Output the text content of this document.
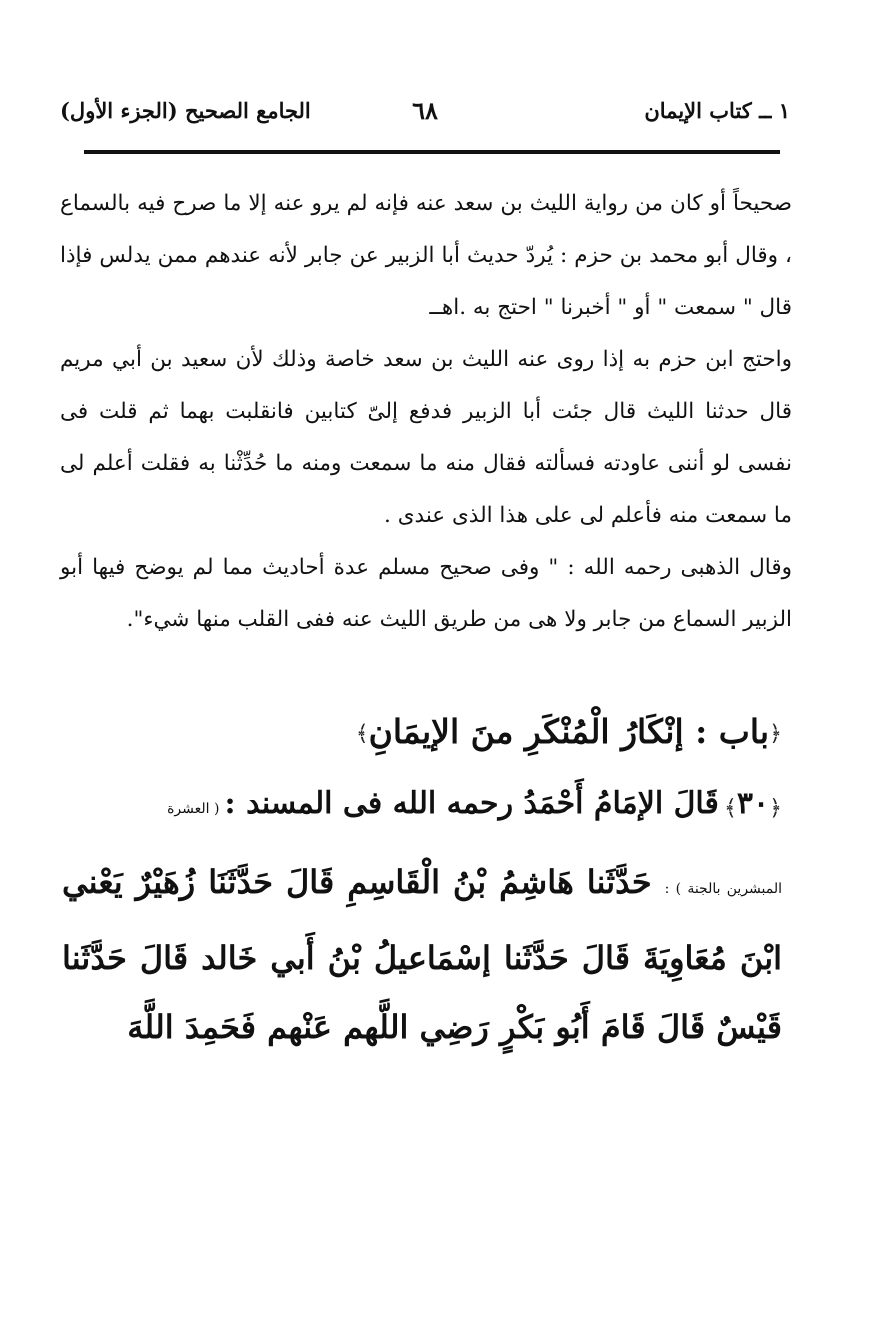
١ ــ كتاب الإيمان
٦٨
الجامع الصحيح (الجزء الأول)

صحيحاً أو كان من رواية الليث بن سعد عنه فإنه لم يرو عنه إلا ما صرح فيه بالسماع ، وقال أبو محمد بن حزم : يُردّ حديث أبا الزبير عن جابر لأنه عندهم ممن يدلس فإذا قال " سمعت " أو " أخبرنا " احتج به .اهــ

واحتج ابن حزم به إذا روى عنه الليث بن سعد خاصة وذلك لأن سعيد بن أبي مريم قال حدثنا الليث قال جئت أبا الزبير فدفع إلىّ كتابين فانقلبت بهما ثم قلت فى نفسى لو أننى عاودته فسألته فقال منه ما سمعت ومنه ما حُدِّثْنا به فقلت أعلم لى ما سمعت منه فأعلم لى على هذا الذى عندى .

وقال الذهبى رحمه الله : " وفى صحيح مسلم عدة أحاديث مما لم يوضح فيها أبو الزبير السماع من جابر ولا هى من طريق الليث عنه ففى القلب منها شيء".

﴿باب : إنْكَارُ الْمُنْكَرِ منَ الإيمَانِ﴾
﴿٣٠﴾ قَالَ الإمَامُ أَحْمَدُ رحمه الله فى المسند : ( العشرة
المبشرين بالجنة ) : حَدَّثَنا هَاشِمُ بْنُ الْقَاسِمِ قَالَ حَدَّثَنَا زُهَيْرٌ يَعْني ابْنَ مُعَاوِيَةَ قَالَ حَدَّثَنا إسْمَاعيلُ بْنُ أَبي خَالد قَالَ حَدَّثَنا قَيْسٌ قَالَ قَامَ أَبُو بَكْرٍ رَضِي اللَّهم عَنْهم فَحَمِدَ اللَّهَ
